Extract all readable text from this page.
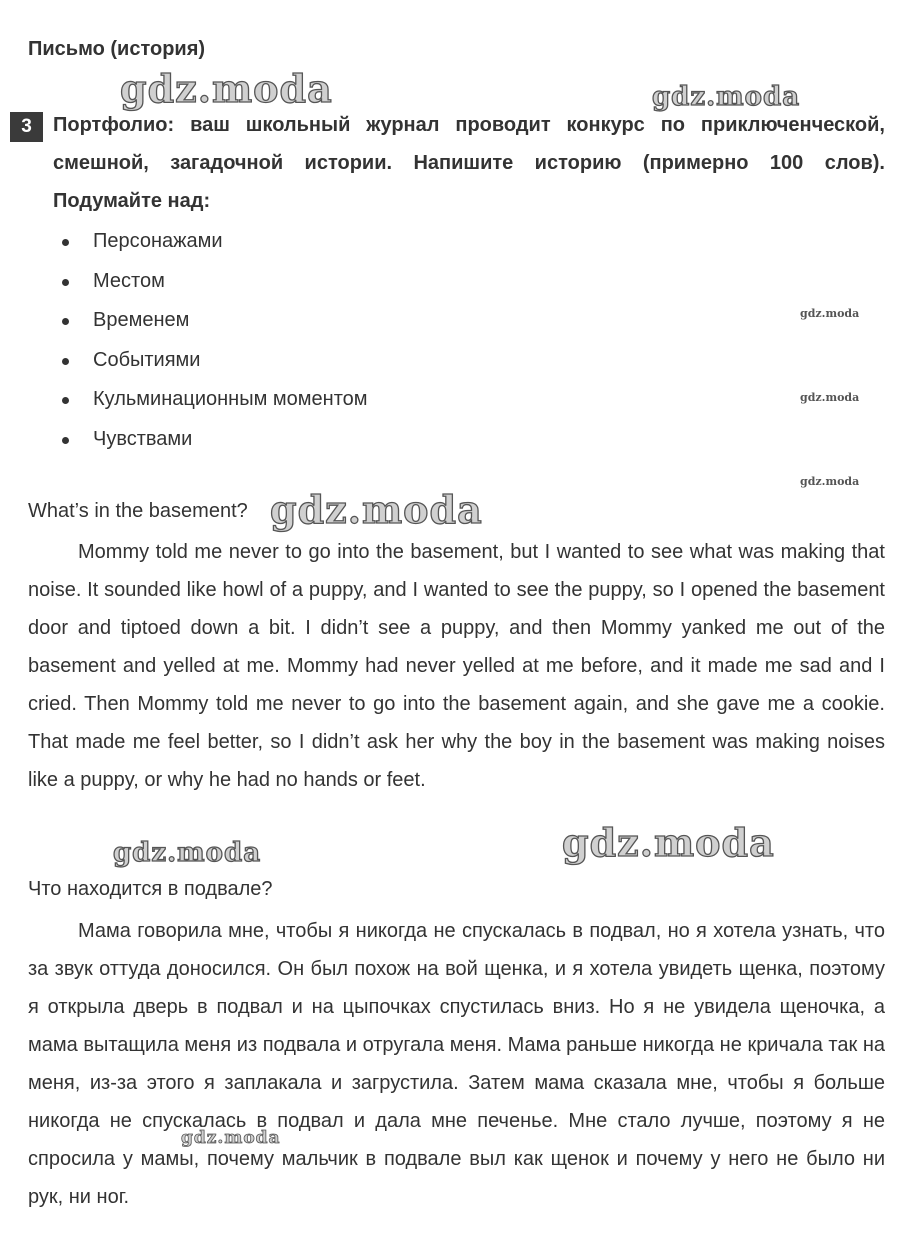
Письмо (история)
3	Портфолио: ваш школьный журнал проводит конкурс по приключенческой, смешной, загадочной истории. Напишите историю (примерно 100 слов). Подумайте над:
Персонажами
Местом
Временем
Событиями
Кульминационным моментом
Чувствами
What’s in the basement?

Mommy told me never to go into the basement, but I wanted to see what was making that noise. It sounded like howl of a puppy, and I wanted to see the puppy, so I opened the basement door and tiptoed down a bit. I didn’t see a puppy, and then Mommy yanked me out of the basement and yelled at me. Mommy had never yelled at me before, and it made me sad and I cried. Then Mommy told me never to go into the basement again, and she gave me a cookie. That made me feel better, so I didn’t ask her why the boy in the basement was making noises like a puppy, or why he had no hands or feet.

Что находится в подвале?

Мама говорила мне, чтобы я никогда не спускалась в подвал, но я хотела узнать, что за звук оттуда доносился. Он был похож на вой щенка, и я хотела увидеть щенка, поэтому я открыла дверь в подвал и на цыпочках спустилась вниз. Но я не увидела щеночка, а мама вытащила меня из подвала и отругала меня. Мама раньше никогда не кричала так на меня, из-за этого я заплакала и загрустила. Затем мама сказала мне, чтобы я больше никогда не спускалась в подвал и дала мне печенье. Мне стало лучше, поэтому я не спросила у мамы, почему мальчик в подвале выл как щенок и почему у него не было ни рук, ни ног.

gdz.moda	gdz.moda
gdz.moda
gdz.moda
gdz.moda
gdz.moda
gdz.moda
gdz.moda
gdz.moda
